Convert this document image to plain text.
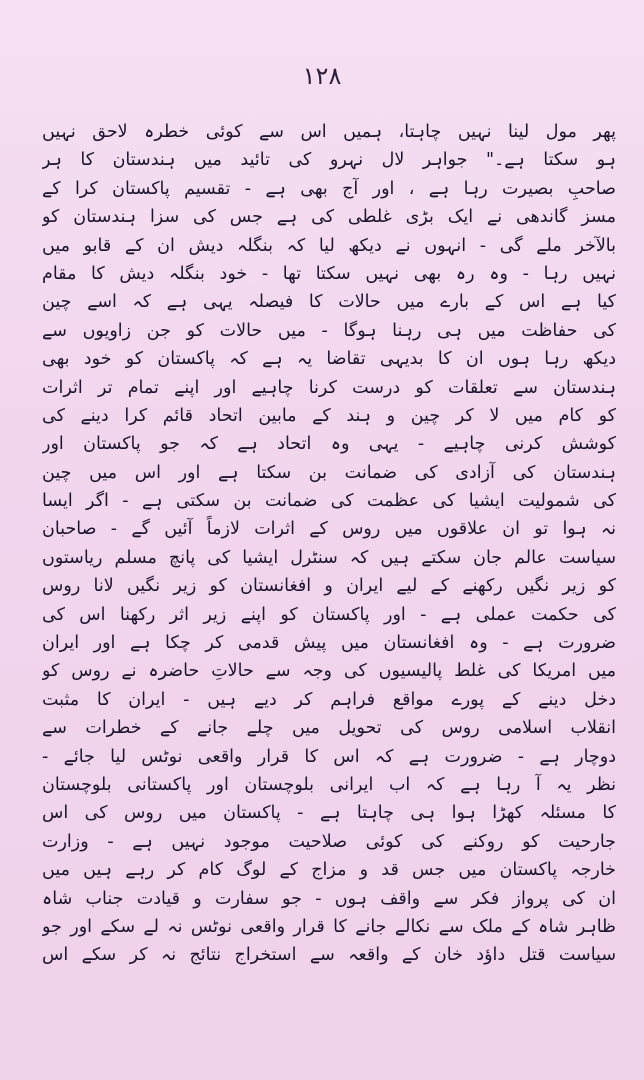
١٢٨
پھر مول لینا نہیں چاہتا، ہمیں اس سے کوئی خطرہ لاحق نہیں
ہو سکتا ہے۔" جواہر لال نہرو کی تائید میں ہندستان کا ہر
صاحبِ بصیرت رہا ہے ، اور آج بھی ہے - تقسیم پاکستان کرا کے
مسز گاندھی نے ایک بڑی غلطی کی ہے جس کی سزا ہندستان کو
بالآخر ملے گی - انہوں نے دیکھ لیا کہ بنگلہ دیش ان کے قابو میں
نہیں رہا - وہ رہ بھی نہیں سکتا تھا - خود بنگلہ دیش کا مقام
کیا ہے اس کے بارے میں حالات کا فیصلہ یہی ہے کہ اسے چین
کی حفاظت میں ہی رہنا ہوگا - میں حالات کو جن زاویوں سے
دیکھ رہا ہوں ان کا بدیہی تقاضا یہ ہے کہ پاکستان کو خود بھی
ہندستان سے تعلقات کو درست کرنا چاہیے اور اپنے تمام تر اثرات
کو کام میں لا کر چین و ہند کے مابین اتحاد قائم کرا دینے کی
کوشش کرنی چاہیے - یہی وہ اتحاد ہے کہ جو پاکستان اور
ہندستان کی آزادی کی ضمانت بن سکتا ہے اور اس میں چین
کی شمولیت ایشیا کی عظمت کی ضمانت بن سکتی ہے - اگر ایسا
نہ ہوا تو ان علاقوں میں روس کے اثرات لازماً آئیں گے - صاحبان
سیاست عالم جان سکتے ہیں کہ سنٹرل ایشیا کی پانچ مسلم ریاستوں
کو زیر نگیں رکھنے کے لیے ایران و افغانستان کو زیر نگیں لانا روس
کی حکمت عملی ہے - اور پاکستان کو اپنے زیر اثر رکھنا اس کی
ضرورت ہے - وہ افغانستان میں پیش قدمی کر چکا ہے اور ایران
میں امریکا کی غلط پالیسیوں کی وجہ سے حالاتِ حاضرہ نے روس کو
دخل دینے کے پورے مواقع فراہم کر دیے ہیں - ایران کا مثبت
انقلاب اسلامی روس کی تحویل میں چلے جانے کے خطرات سے
دوچار ہے - ضرورت ہے کہ اس کا قرار واقعی نوٹس لیا جائے -
نظر یہ آ رہا ہے کہ اب ایرانی بلوچستان اور پاکستانی بلوچستان
کا مسئلہ کھڑا ہوا ہی چاہتا ہے - پاکستان میں روس کی اس
جارحیت کو روکنے کی کوئی صلاحیت موجود نہیں ہے - وزارت
خارجہ پاکستان میں جس قد و مزاج کے لوگ کام کر رہے ہیں میں
ان کی پرواز فکر سے واقف ہوں - جو سفارت و قیادت جناب شاہ
ظاہر شاہ کے ملک سے نکالے جانے کا قرار واقعی نوٹس نہ لے سکے اور جو
سیاست قتل داؤد خان کے واقعہ سے استخراج نتائج نہ کر سکے اس
